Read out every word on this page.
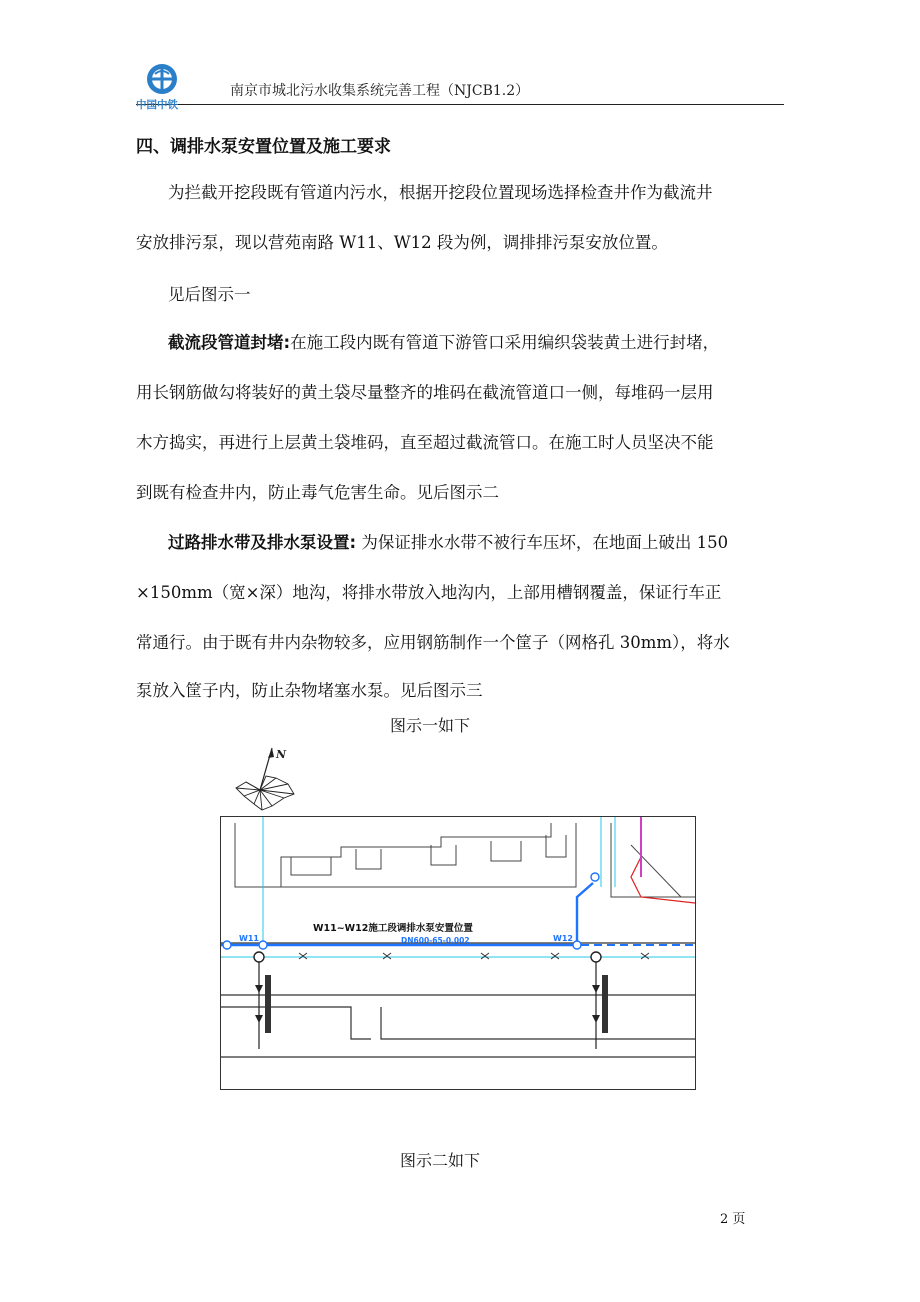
中国中铁
南京市城北污水收集系统完善工程（NJCB1.2）
四、调排水泵安置位置及施工要求
为拦截开挖段既有管道内污水，根据开挖段位置现场选择检查井作为截流井
安放排污泵，现以营苑南路 W11、W12 段为例，调排排污泵安放位置。
见后图示一
截流段管道封堵:在施工段内既有管道下游管口采用编织袋装黄土进行封堵，
用长钢筋做勾将装好的黄土袋尽量整齐的堆码在截流管道口一侧，每堆码一层用
木方捣实，再进行上层黄土袋堆码，直至超过截流管口。在施工时人员坚决不能
到既有检查井内，防止毒气危害生命。见后图示二
过路排水带及排水泵设置: 为保证排水水带不被行车压坏，在地面上破出 150
×150mm（宽×深）地沟，将排水带放入地沟内，上部用槽钢覆盖，保证行车正
常通行。由于既有井内杂物较多，应用钢筋制作一个筐子（网格孔 30mm），将水
泵放入筐子内，防止杂物堵塞水泵。见后图示三
图示一如下
N
W11~W12施工段调排水泵安置位置
DN600-65-0.002
W11	W12
图示二如下
2 页
